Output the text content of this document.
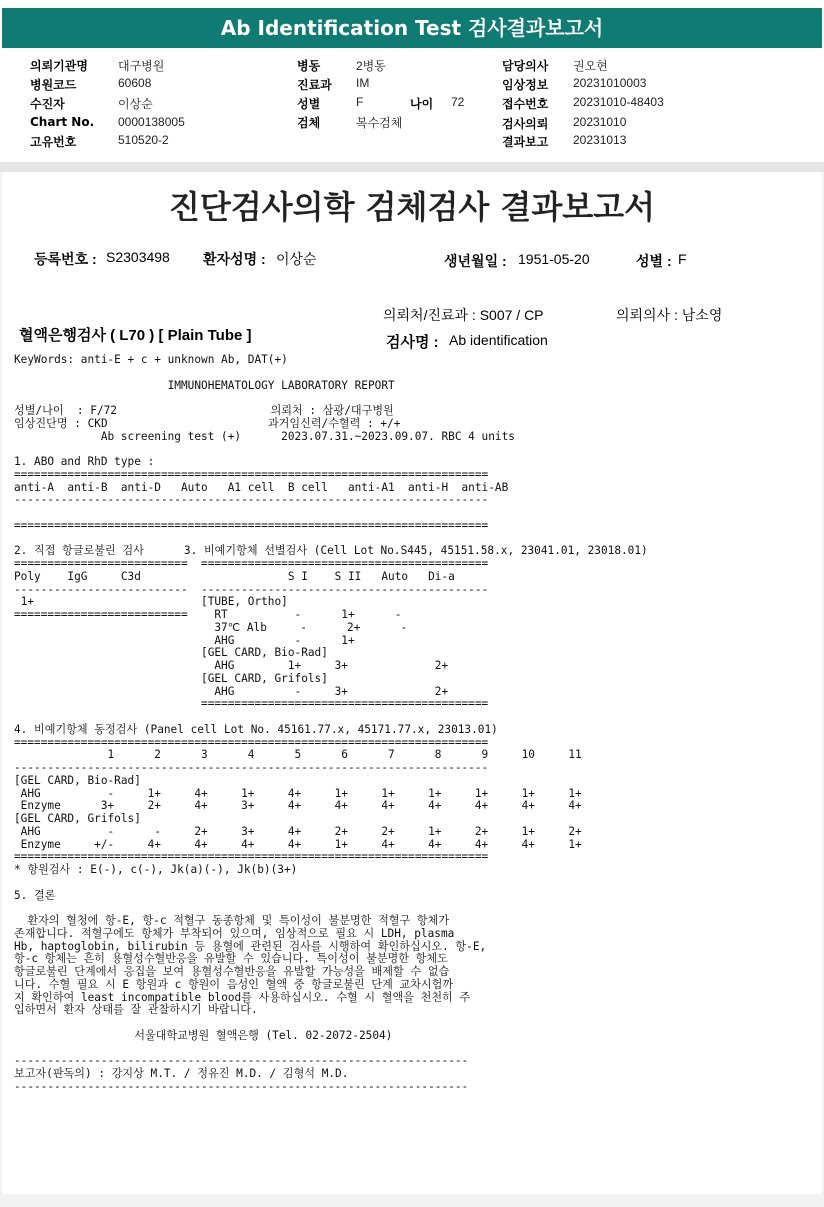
Ab Identification Test 검사결과보고서
의뢰기관명	대구병원
병원코드	60608
수진자	이상순
Chart No. 0000138005
고유번호	510520-2
병동	2병동
진료과 IM
성별	F	나이 72
검체	복수검체
담당의사 권오현
임상정보 20231010003
접수번호 20231010-48403
검사의뢰 20231010
결과보고 20231013
진단검사의학 검체검사 결과보고서
등록번호 : S2303498 환자성명 : 이상순	생년월일 : 1951-05-20	성별 : F
의뢰처/진료과 : S007 / CP	의뢰의사 : 남소영
혈액은행검사 ( L70 ) [ Plain Tube ]	검사명 : Ab identification
KeyWords: anti-E + c + unknown Ab, DAT(+)

IMMUNOHEMATOLOGY LABORATORY REPORT

성별/나이  : F/72                       의뢰처 : 삼광/대구병원
임상진단명 : CKD                        과거임신력/수혈력 : +/+
Ab screening test (+)      2023.07.31.~2023.09.07. RBC 4 units

1. ABO and RhD type :
=======================================================================
anti-A  anti-B  anti-D   Auto   A1 cell  B cell   anti-A1  anti-H  anti-AB
-----------------------------------------------------------------------

=======================================================================

2. 직접 항글로불린 검사      3. 비예기항체 선별검사 (Cell Lot No.S445, 45151.58.x, 23041.01, 23018.01)
==========================  ===========================================
Poly    IgG     C3d                      S I    S II   Auto   Di-a
--------------------------  -------------------------------------------
1+                         [TUBE, Ortho]
==========================    RT          -      1+      -
37℃ Alb     -      2+      -
AHG         -      1+
[GEL CARD, Bio-Rad]
AHG        1+     3+             2+
[GEL CARD, Grifols]
AHG         -     3+             2+
===========================================

4. 비예기항체 동정검사 (Panel cell Lot No. 45161.77.x, 45171.77.x, 23013.01)
=======================================================================
1      2      3      4      5      6      7      8      9     10     11
-----------------------------------------------------------------------
[GEL CARD, Bio-Rad]
AHG          -     1+     4+     1+     4+     1+     1+     1+     1+     1+     1+
Enzyme      3+     2+     4+     3+     4+     4+     4+     4+     4+     4+     4+
[GEL CARD, Grifols]
AHG          -      -     2+     3+     4+     2+     2+     1+     2+     1+     2+
Enzyme     +/-     4+     4+     4+     4+     1+     4+     4+     4+     4+     1+
=======================================================================
* 항원검사 : E(-), c(-), Jk(a)(-), Jk(b)(3+)

5. 결론

환자의 혈청에 항-E, 항-c 적혈구 동종항체 및 특이성이 불분명한 적혈구 항체가
존재합니다. 적혈구에도 항체가 부착되어 있으며, 임상적으로 필요 시 LDH, plasma
Hb, haptoglobin, bilirubin 등 용혈에 관련된 검사를 시행하여 확인하십시오. 항-E,
항-c 항체는 흔히 용혈성수혈반응을 유발할 수 있습니다. 특이성이 불분명한 항체도
항글로불린 단계에서 응집을 보여 용혈성수혈반응을 유발할 가능성을 배제할 수 없습
니다. 수혈 필요 시 E 항원과 c 항원이 음성인 혈액 중 항글로불린 단계 교차시험까
지 확인하여 least incompatible blood를 사용하십시오. 수혈 시 혈액을 천천히 주
입하면서 환자 상태를 잘 관찰하시기 바랍니다.

서울대학교병원 혈액은행 (Tel. 02-2072-2504)

--------------------------------------------------------------------
보고자(판독의) : 강지상 M.T. / 정유진 M.D. / 김형석 M.D.
--------------------------------------------------------------------
